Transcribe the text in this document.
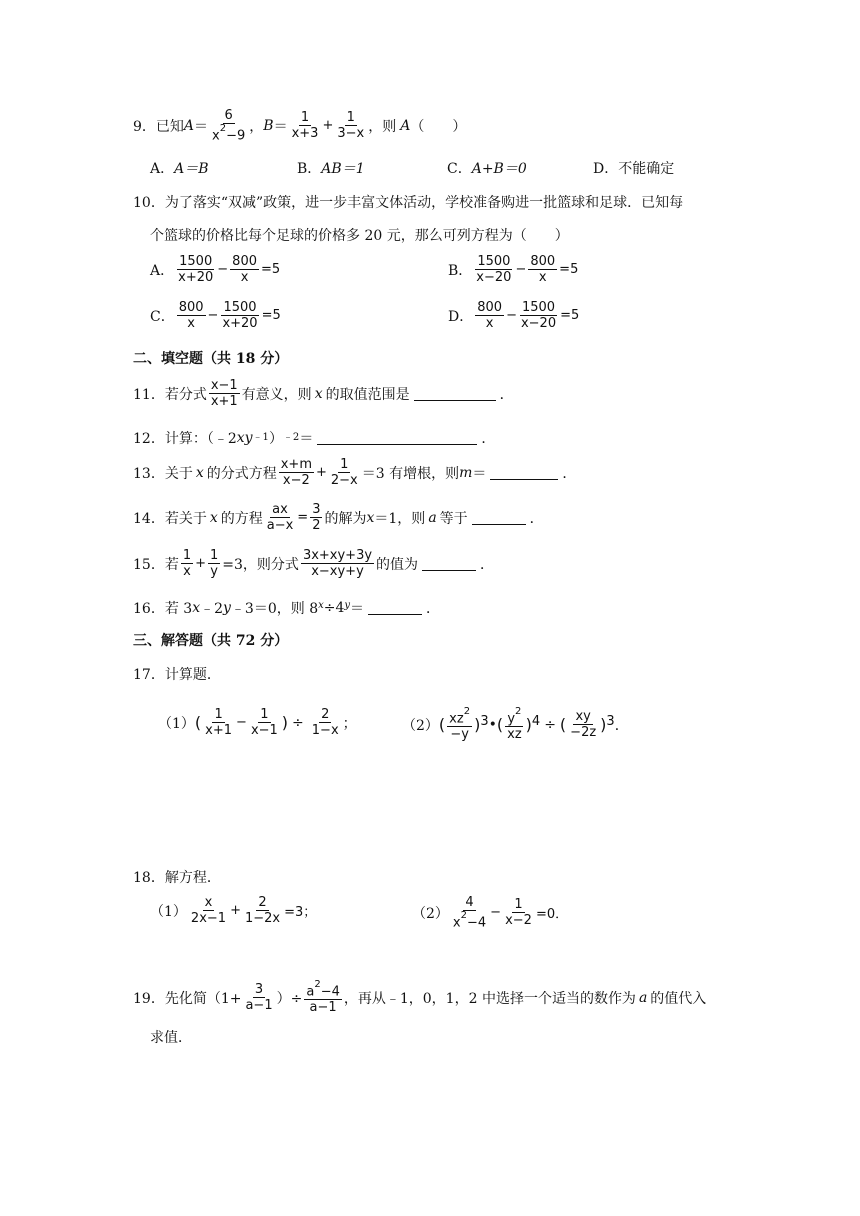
9． 已知 $A = \frac{6}{x^2-9}$ ， $B = \frac{1}{x+3} + \frac{1}{3-x}$ ，则 A （　　）
A． A＝B	B． AB＝1	C． A+B＝0	D． 不能确定
10． 为了落实“双减”政策，进一步丰富文体活动，学校准备购进一批篮球和足球．已知每
个篮球的价格比每个足球的价格多 20 元，那么可列方程为（　　）
A． $\frac{1500}{x+20} - \frac{800}{x} =5$	B． $\frac{1500}{x-20} - \frac{800}{x} =5$
C． $\frac{800}{x} - \frac{1500}{x+20} =5$	D． $\frac{800}{x} - \frac{1500}{x-20} =5$
二、填空题（共 18 分）
11． 若分式 $\frac{x-1}{x+1}$ 有意义，则 x 的取值范围是	．
12． 计算：（﹣2 $xy^{﹣1}$ ）$^{﹣2}$ ＝	．
13． 关于 x 的分式方程 $\frac{x+m}{x-2} + \frac{1}{2-x} =3$ 有增根，则 m ＝	．
14． 若关于 x 的方程 $\frac{ax}{a-x} = \frac{3}{2}$ 的解为 x ＝1，则 a 等于	．
15． 若 $\frac{1}{x} + \frac{1}{y} =3$，则分式 $\frac{3x+xy+3y}{x-xy+y}$ 的值为	．
16． 若 3 x ﹣2 y ﹣3＝0，则 $8^x \div 4^y$ ＝	．
三、解答题（共 72 分）
17． 计算题．
（1） ( $\frac{1}{x+1} - \frac{1}{x-1}$ ) ÷ $\frac{2}{1-x}$ ；	（2） ( $\frac{xz^2}{-y} )^3$ • ( $\frac{y^2}{xz} )^4$ ÷ ( $\frac{xy}{-2z} )^3$ ．
18． 解方程．
$(1) \frac{x}{2x-1} + \frac{2}{1-2x} =3$；	$(2) \frac{4}{x^2-4} - \frac{1}{x-2} =0$．
19． 先化简（$1+ \frac{3}{a-1}$ ）÷ $\frac{a^2-4}{a-1}$ ，再从﹣1，0，1，2 中选择一个适当的数作为 a 的值代入
求值．
